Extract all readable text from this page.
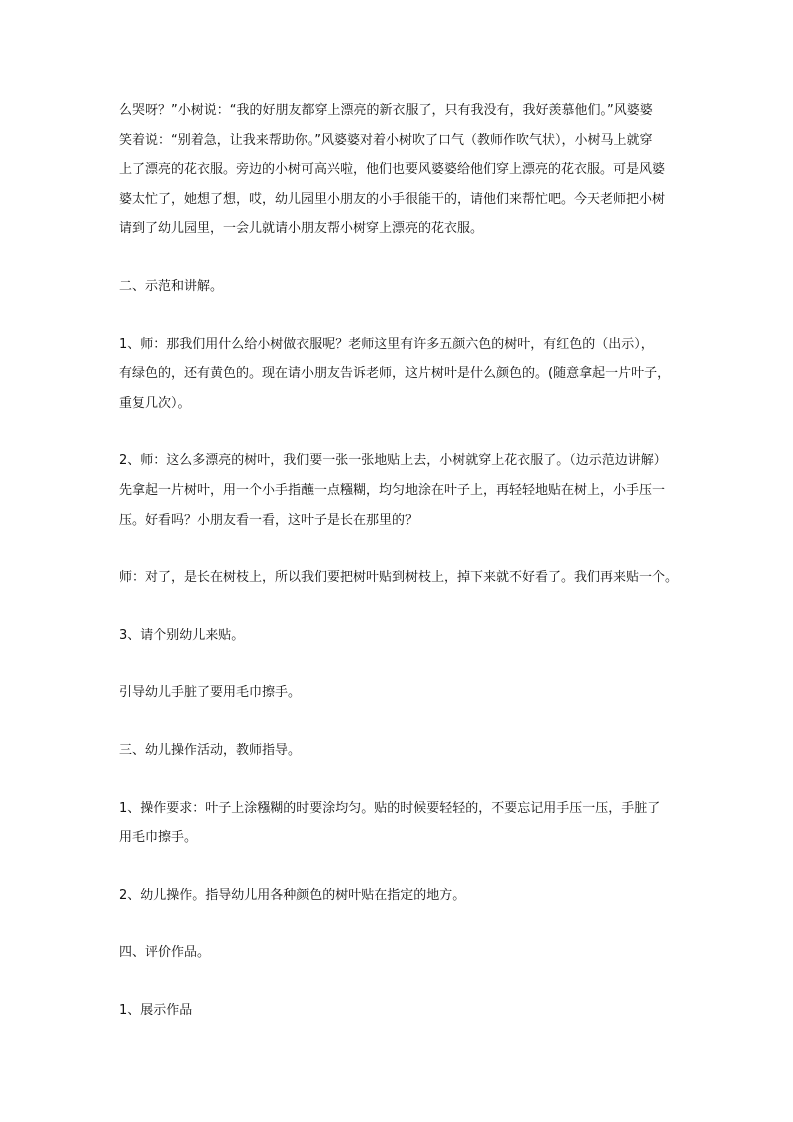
么哭呀？”小树说：“我的好朋友都穿上漂亮的新衣服了，只有我没有，我好羡慕他们。”风婆婆
笑着说：“别着急，让我来帮助你。”风婆婆对着小树吹了口气（教师作吹气状），小树马上就穿
上了漂亮的花衣服。旁边的小树可高兴啦，他们也要风婆婆给他们穿上漂亮的花衣服。可是风婆
婆太忙了，她想了想，哎，幼儿园里小朋友的小手很能干的，请他们来帮忙吧。今天老师把小树
请到了幼儿园里，一会儿就请小朋友帮小树穿上漂亮的花衣服。
二、示范和讲解。
1、师：那我们用什么给小树做衣服呢？老师这里有许多五颜六色的树叶，有红色的（出示），
有绿色的，还有黄色的。现在请小朋友告诉老师，这片树叶是什么颜色的。(随意拿起一片叶子，
重复几次）。
2、师：这么多漂亮的树叶，我们要一张一张地贴上去，小树就穿上花衣服了。（边示范边讲解）
先拿起一片树叶，用一个小手指蘸一点糨糊，均匀地涂在叶子上，再轻轻地贴在树上，小手压一
压。好看吗？小朋友看一看，这叶子是长在那里的？
师：对了，是长在树枝上，所以我们要把树叶贴到树枝上，掉下来就不好看了。我们再来贴一个。
3、请个别幼儿来贴。
引导幼儿手脏了要用毛巾擦手。
三、幼儿操作活动，教师指导。
1、操作要求：叶子上涂糨糊的时要涂均匀。贴的时候要轻轻的，不要忘记用手压一压，手脏了
用毛巾擦手。
2、幼儿操作。指导幼儿用各种颜色的树叶贴在指定的地方。
四、评价作品。
1、展示作品
